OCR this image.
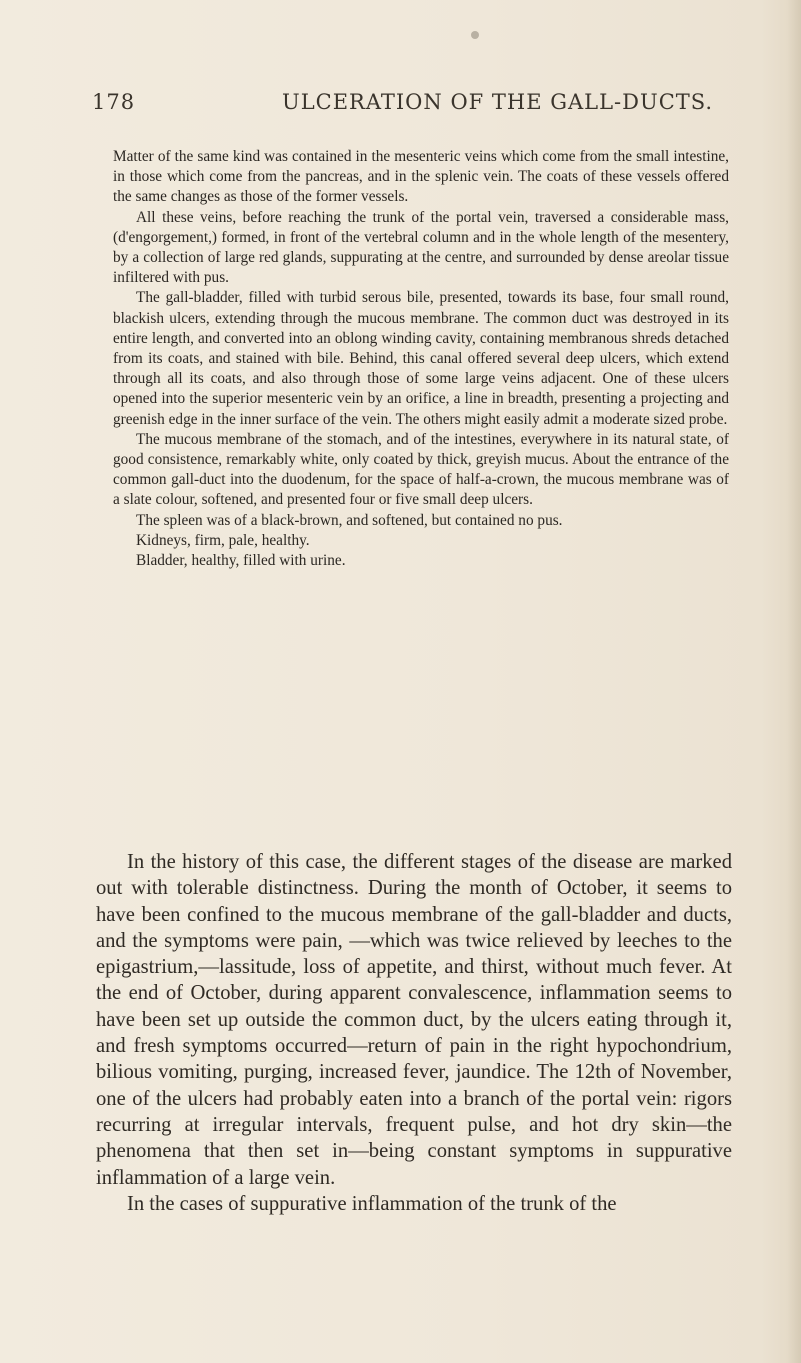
178	ULCERATION OF THE GALL-DUCTS.

Matter of the same kind was contained in the mesenteric veins which come from the small intestine, in those which come from the pancreas, and in the splenic vein. The coats of these vessels offered the same changes as those of the former vessels.

All these veins, before reaching the trunk of the portal vein, traversed a considerable mass, (d'engorgement,) formed, in front of the vertebral column and in the whole length of the mesentery, by a collection of large red glands, suppurating at the centre, and surrounded by dense areolar tissue infiltered with pus.

The gall-bladder, filled with turbid serous bile, presented, towards its base, four small round, blackish ulcers, extending through the mucous membrane. The common duct was destroyed in its entire length, and converted into an oblong winding cavity, containing membranous shreds detached from its coats, and stained with bile. Behind, this canal offered several deep ulcers, which extend through all its coats, and also through those of some large veins adjacent. One of these ulcers opened into the superior mesenteric vein by an orifice, a line in breadth, presenting a projecting and greenish edge in the inner surface of the vein. The others might easily admit a moderate sized probe.

The mucous membrane of the stomach, and of the intestines, everywhere in its natural state, of good consistence, remarkably white, only coated by thick, greyish mucus. About the entrance of the common gall-duct into the duodenum, for the space of half-a-crown, the mucous membrane was of a slate colour, softened, and presented four or five small deep ulcers.

The spleen was of a black-brown, and softened, but contained no pus.

Kidneys, firm, pale, healthy.

Bladder, healthy, filled with urine.

In the history of this case, the different stages of the disease are marked out with tolerable distinctness. During the month of October, it seems to have been confined to the mucous membrane of the gall-bladder and ducts, and the symptoms were pain, —which was twice relieved by leeches to the epigastrium,—lassitude, loss of appetite, and thirst, without much fever. At the end of October, during apparent convalescence, inflammation seems to have been set up outside the common duct, by the ulcers eating through it, and fresh symptoms occurred—return of pain in the right hypochondrium, bilious vomiting, purging, increased fever, jaundice. The 12th of November, one of the ulcers had probably eaten into a branch of the portal vein: rigors recurring at irregular intervals, frequent pulse, and hot dry skin—the phenomena that then set in—being constant symptoms in suppurative inflammation of a large vein.

In the cases of suppurative inflammation of the trunk of the
